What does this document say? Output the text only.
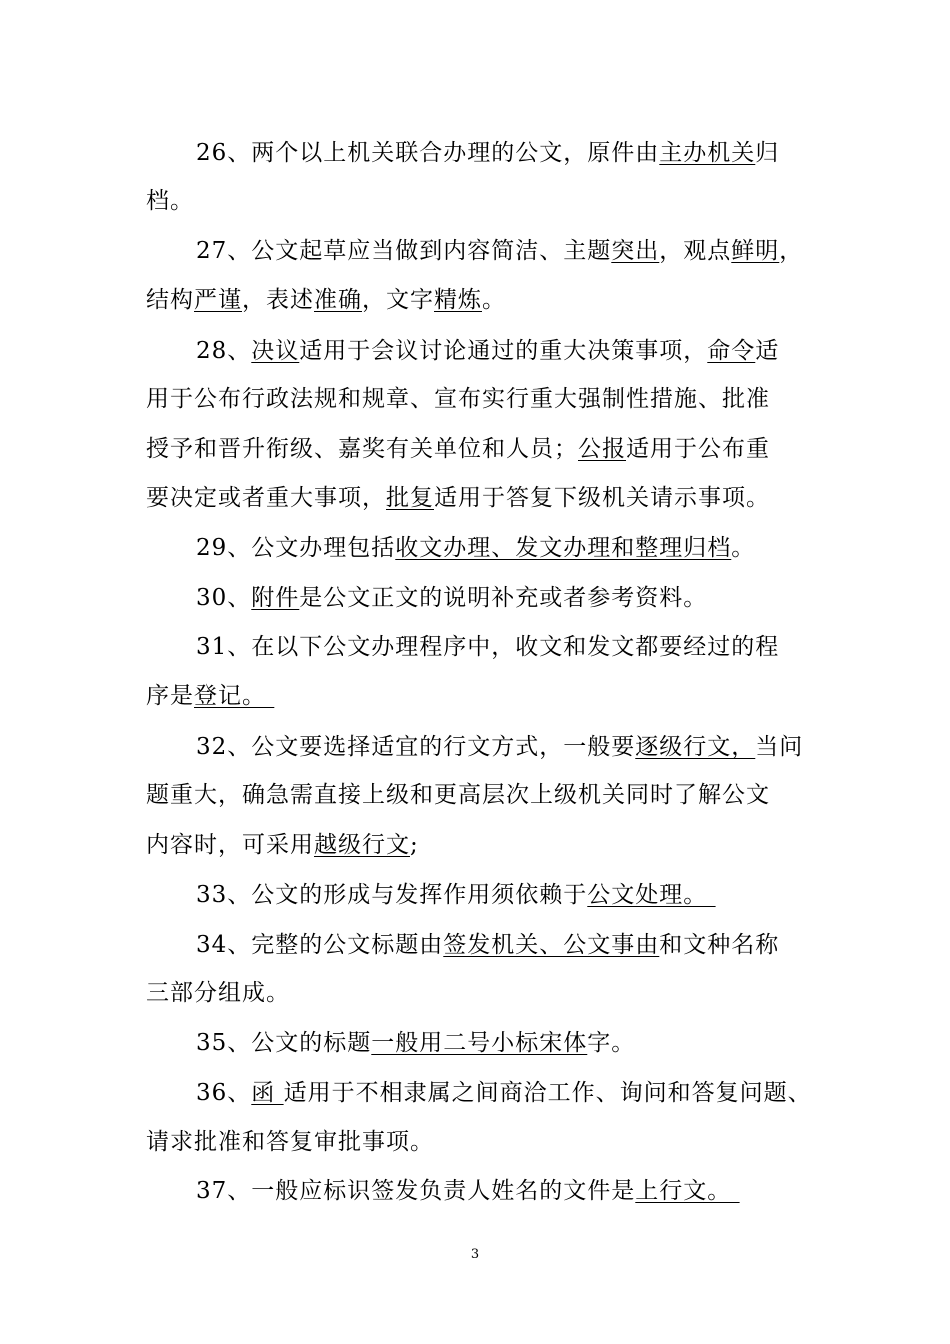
26、两个以上机关联合办理的公文，原件由主办机关归
档。
27、公文起草应当做到内容简洁、主题突出，观点鲜明，
结构严谨，表述准确，文字精炼。
28、决议适用于会议讨论通过的重大决策事项，命令适
用于公布行政法规和规章、宣布实行重大强制性措施、批准
授予和晋升衔级、嘉奖有关单位和人员；公报适用于公布重
要决定或者重大事项，批复适用于答复下级机关请示事项。
29、公文办理包括收文办理、发文办理和整理归档。
30、附件是公文正文的说明补充或者参考资料。
31、在以下公文办理程序中，收文和发文都要经过的程
序是登记。
32、公文要选择适宜的行文方式，一般要逐级行文，当问
题重大，确急需直接上级和更高层次上级机关同时了解公文
内容时，可采用越级行文;
33、公文的形成与发挥作用须依赖于公文处理。
34、完整的公文标题由签发机关、公文事由和文种名称
三部分组成。
35、公文的标题一般用二号小标宋体字。
36、函 适用于不相隶属之间商洽工作、询问和答复问题、
请求批准和答复审批事项。
37、一般应标识签发负责人姓名的文件是上行文。
3
